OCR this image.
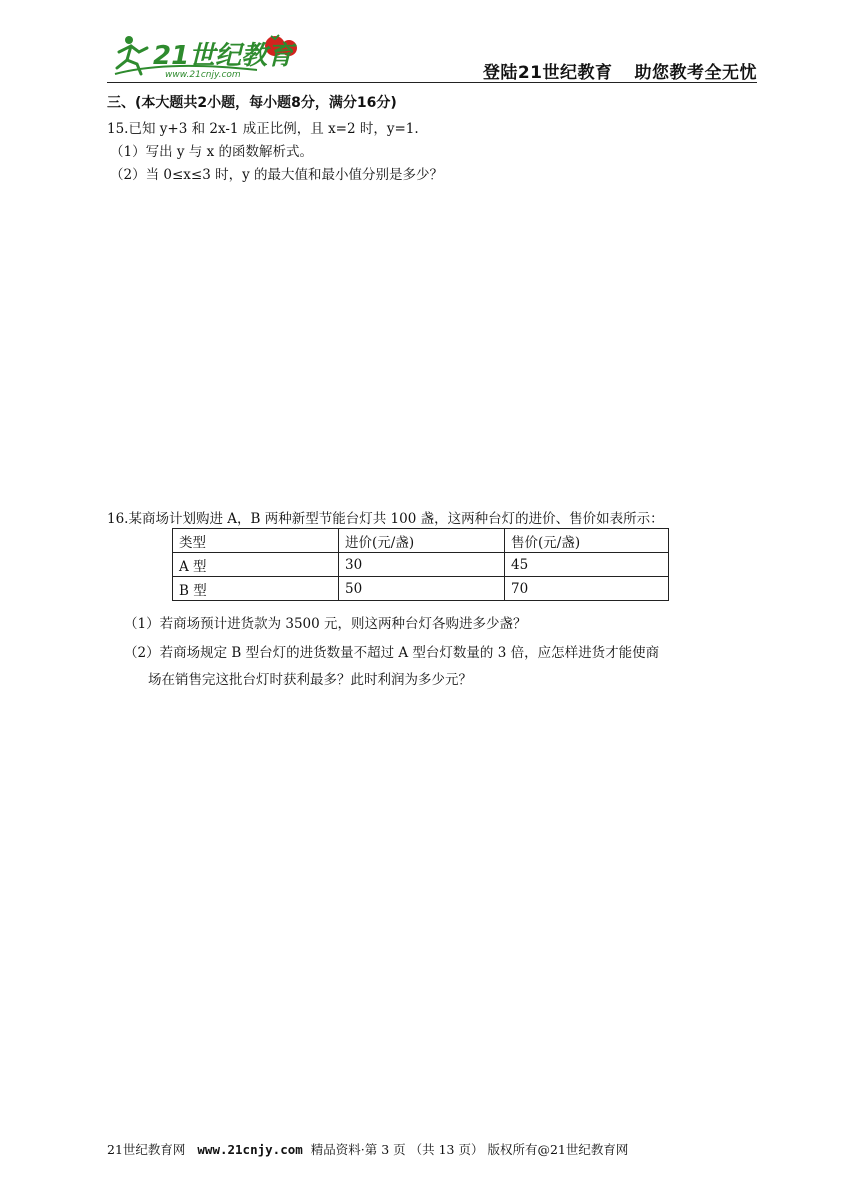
21世纪教育
www.21cnjy.com	登陆21世纪教育 助您教考全无忧
三、(本大题共2小题，每小题8分，满分16分)
15.已知 y+3 和 2x-1 成正比例，且 x=2 时，y=1.
（1）写出 y 与 x 的函数解析式。
（2）当 0≤x≤3 时，y 的最大值和最小值分别是多少？
16.某商场计划购进 A，B 两种新型节能台灯共 100 盏，这两种台灯的进价、售价如表所示：
类型	进价(元/盏)	售价(元/盏)
A 型	30	45
B 型	50	70
（1）若商场预计进货款为 3500 元，则这两种台灯各购进多少盏？
（2）若商场规定 B 型台灯的进货数量不超过 A 型台灯数量的 3 倍，应怎样进货才能使商
场在销售完这批台灯时获利最多？此时利润为多少元？
21世纪教育网 www.21cnjy.com 精品资料·第 3 页 （共 13 页） 版权所有@21世纪教育网
